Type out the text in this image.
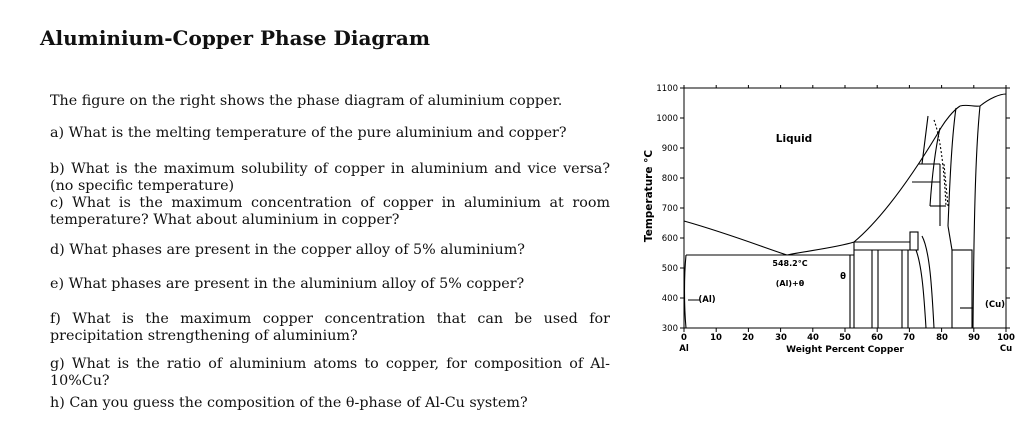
Aluminium-Copper Phase Diagram

The figure on the right shows the phase diagram of aluminium copper.

a) What is the melting temperature of the pure aluminium and copper?

b) What is the maximum solubility of copper in aluminium and vice versa? (no specific temperature)

c) What is the maximum concentration of copper in aluminium at room temperature? What about aluminium in copper?

d) What phases are present in the copper alloy of 5% aluminium?

e) What phases are present in the aluminium alloy of 5% copper?

f) What is the maximum copper concentration that can be used for precipitation strengthening of aluminium?

g) What is the ratio of aluminium atoms to copper, for composition of Al-10%Cu?

h) Can you guess the composition of the θ-phase of Al-Cu system?

Temperature °C
300
400
500
600
700
800
900
1000
1100
0	10 20 30 40 50 60 70 80 90 100
Al	Cu
Weight Percent Copper
Liquid
548.2°C
(Al)+θ
θ
(Al)	(Cu)
